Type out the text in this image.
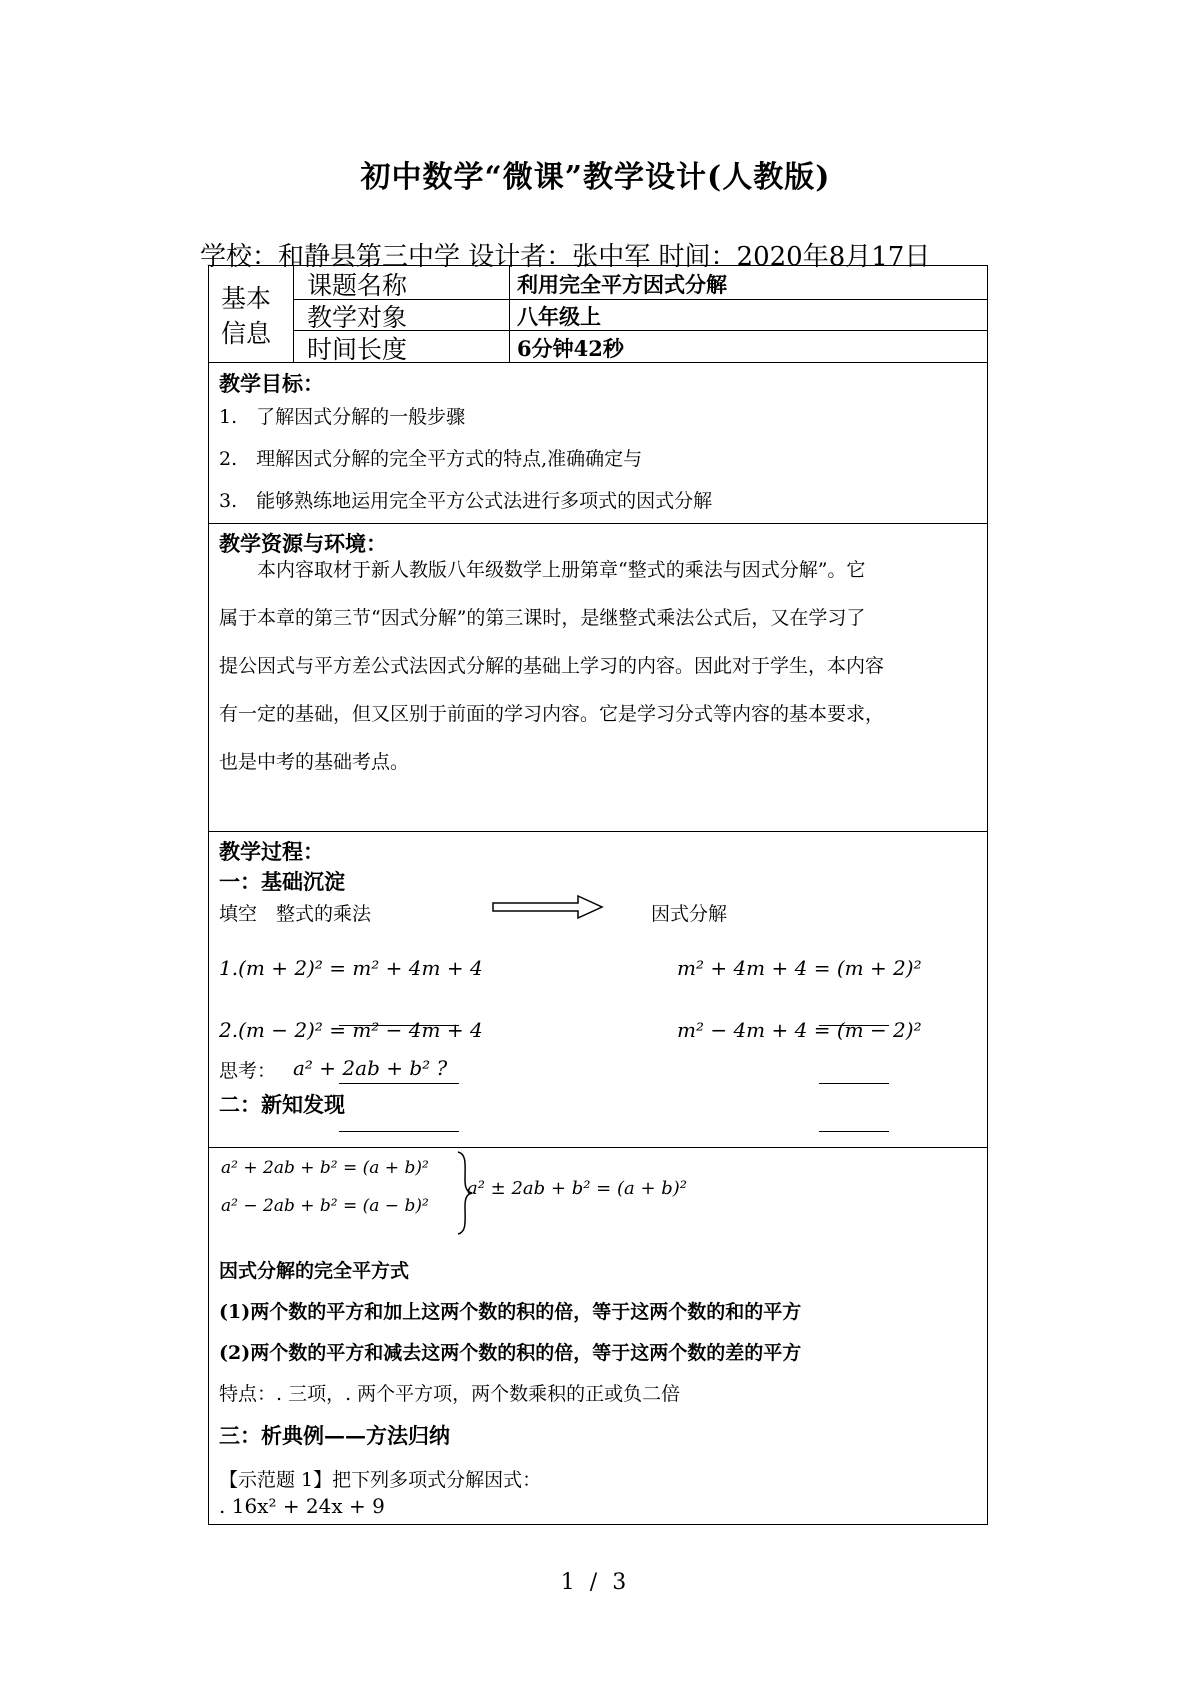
初中数学“微课”教学设计(人教版)
学校：和静县第三中学 设计者：张中军 时间：2020年8月17日
基本
信息
课题名称	利用完全平方因式分解
教学对象	八年级上
时间长度	6分钟42秒
教学目标：
1.　了解因式分解的一般步骤
2.　理解因式分解的完全平方式的特点,准确确定与
3.　能够熟练地运用完全平方公式法进行多项式的因式分解
教学资源与环境：
　　本内容取材于新人教版八年级数学上册第章“整式的乘法与因式分解”。它
属于本章的第三节“因式分解”的第三课时，是继整式乘法公式后，又在学习了
提公因式与平方差公式法因式分解的基础上学习的内容。因此对于学生，本内容
有一定的基础，但又区别于前面的学习内容。它是学习分式等内容的基本要求，
也是中考的基础考点。
教学过程：
一：基础沉淀
填空　整式的乘法	因式分解
1.(m + 2)² = m² + 4m + 4	m² + 4m + 4 = (m + 2)²
2.(m − 2)² = m² − 4m + 4	m² − 4m + 4 = (m − 2)²
思考： a² + 2ab + b² ?
二：新知发现
a² + 2ab + b² = (a + b)²
a² − 2ab + b² = (a − b)²
a² ± 2ab + b² = (a + b)²
因式分解的完全平方式
(1)两个数的平方和加上这两个数的积的倍，等于这两个数的和的平方
(2)两个数的平方和减去这两个数的积的倍，等于这两个数的差的平方
特点：. 三项，. 两个平方项，两个数乘积的正或负二倍
三：析典例——方法归纳
【示范题 1】把下列多项式分解因式：
. 16x² + 24x + 9
1 / 3
